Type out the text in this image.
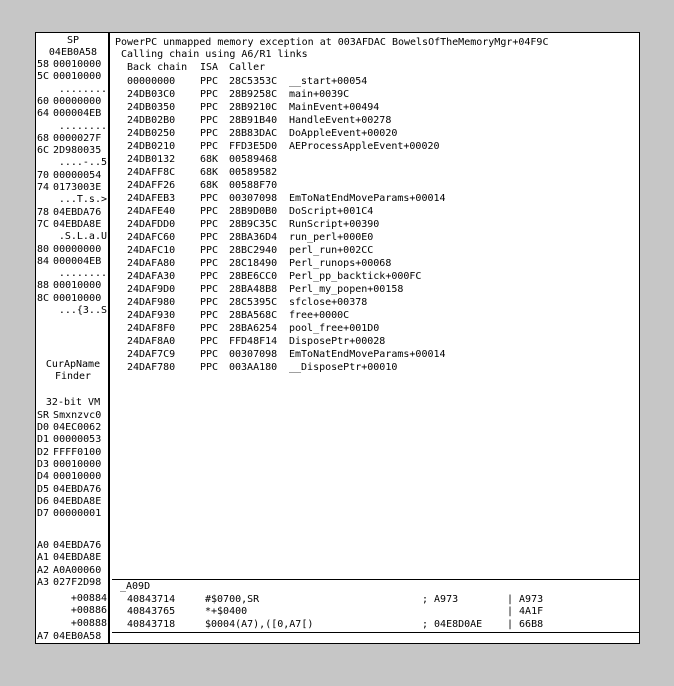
SP
04EB0A58
58 00010000
5C 00010000
........
60 00000000
64 000004EB
........
68 0000027F
6C 2D980035
....-..5
70 00000054
74 0173003E
...T.s.>
78 04EBDA76
7C 04EBDA8E
.S.L.a.U
80 00000000
84 000004EB
........
88 00010000
8C 00010000
...{3..S
CurApName
Finder
32-bit VM
SR Smxnzvc0
D0 04EC0062
D1 00000053
D2 FFFF0100
D3 00010000
D4 00010000
D5 04EBDA76
D6 04EBDA8E
D7 00000001
A0 04EBDA76
A1 04EBDA8E
A2 A0A00060
A3 027F2D98
+00884
+00886
+00888
A7 04EB0A58
PowerPC unmapped memory exception at 003AFDAC BowelsOfTheMemoryMgr+04F9C
Calling chain using A6/R1 links
Back chain ISA Caller
00000000 PPC 28C5353C __start+00054
24DB03C0 PPC 28B9258C main+0039C
24DB0350 PPC 28B9210C MainEvent+00494
24DB02B0 PPC 28B91B40 HandleEvent+00278
24DB0250 PPC 28B83DAC DoAppleEvent+00020
24DB0210 PPC FFD3E5D0 AEProcessAppleEvent+00020
24DB0132 68K 00589468
24DAFF8C 68K 00589582
24DAFF26 68K 00588F70
24DAFEB3 PPC 00307098 EmToNatEndMoveParams+00014
24DAFE40 PPC 28B9D0B0 DoScript+001C4
24DAFDD0 PPC 28B9C35C RunScript+00390
24DAFC60 PPC 28BA36D4 run_perl+000E0
24DAFC10 PPC 28BC2940 perl_run+002CC
24DAFA80 PPC 28C18490 Perl_runops+00068
24DAFA30 PPC 28BE6CC0 Perl_pp_backtick+000FC
24DAF9D0 PPC 28BA48B8 Perl_my_popen+00158
24DAF980 PPC 28C5395C sfclose+00378
24DAF930 PPC 28BA568C free+0000C
24DAF8F0 PPC 28BA6254 pool_free+001D0
24DAF8A0 PPC FFD48F14 DisposePtr+00028
24DAF7C9 PPC 00307098 EmToNatEndMoveParams+00014
24DAF780 PPC 003AA180 __DisposePtr+00010
_A09D
40843714	#$0700,SR	; A973	| A973
40843765	*+$0400	| 4A1F
40843718	$0004(A7),([0,A7[)	; 04E8D0AE | 66B8
